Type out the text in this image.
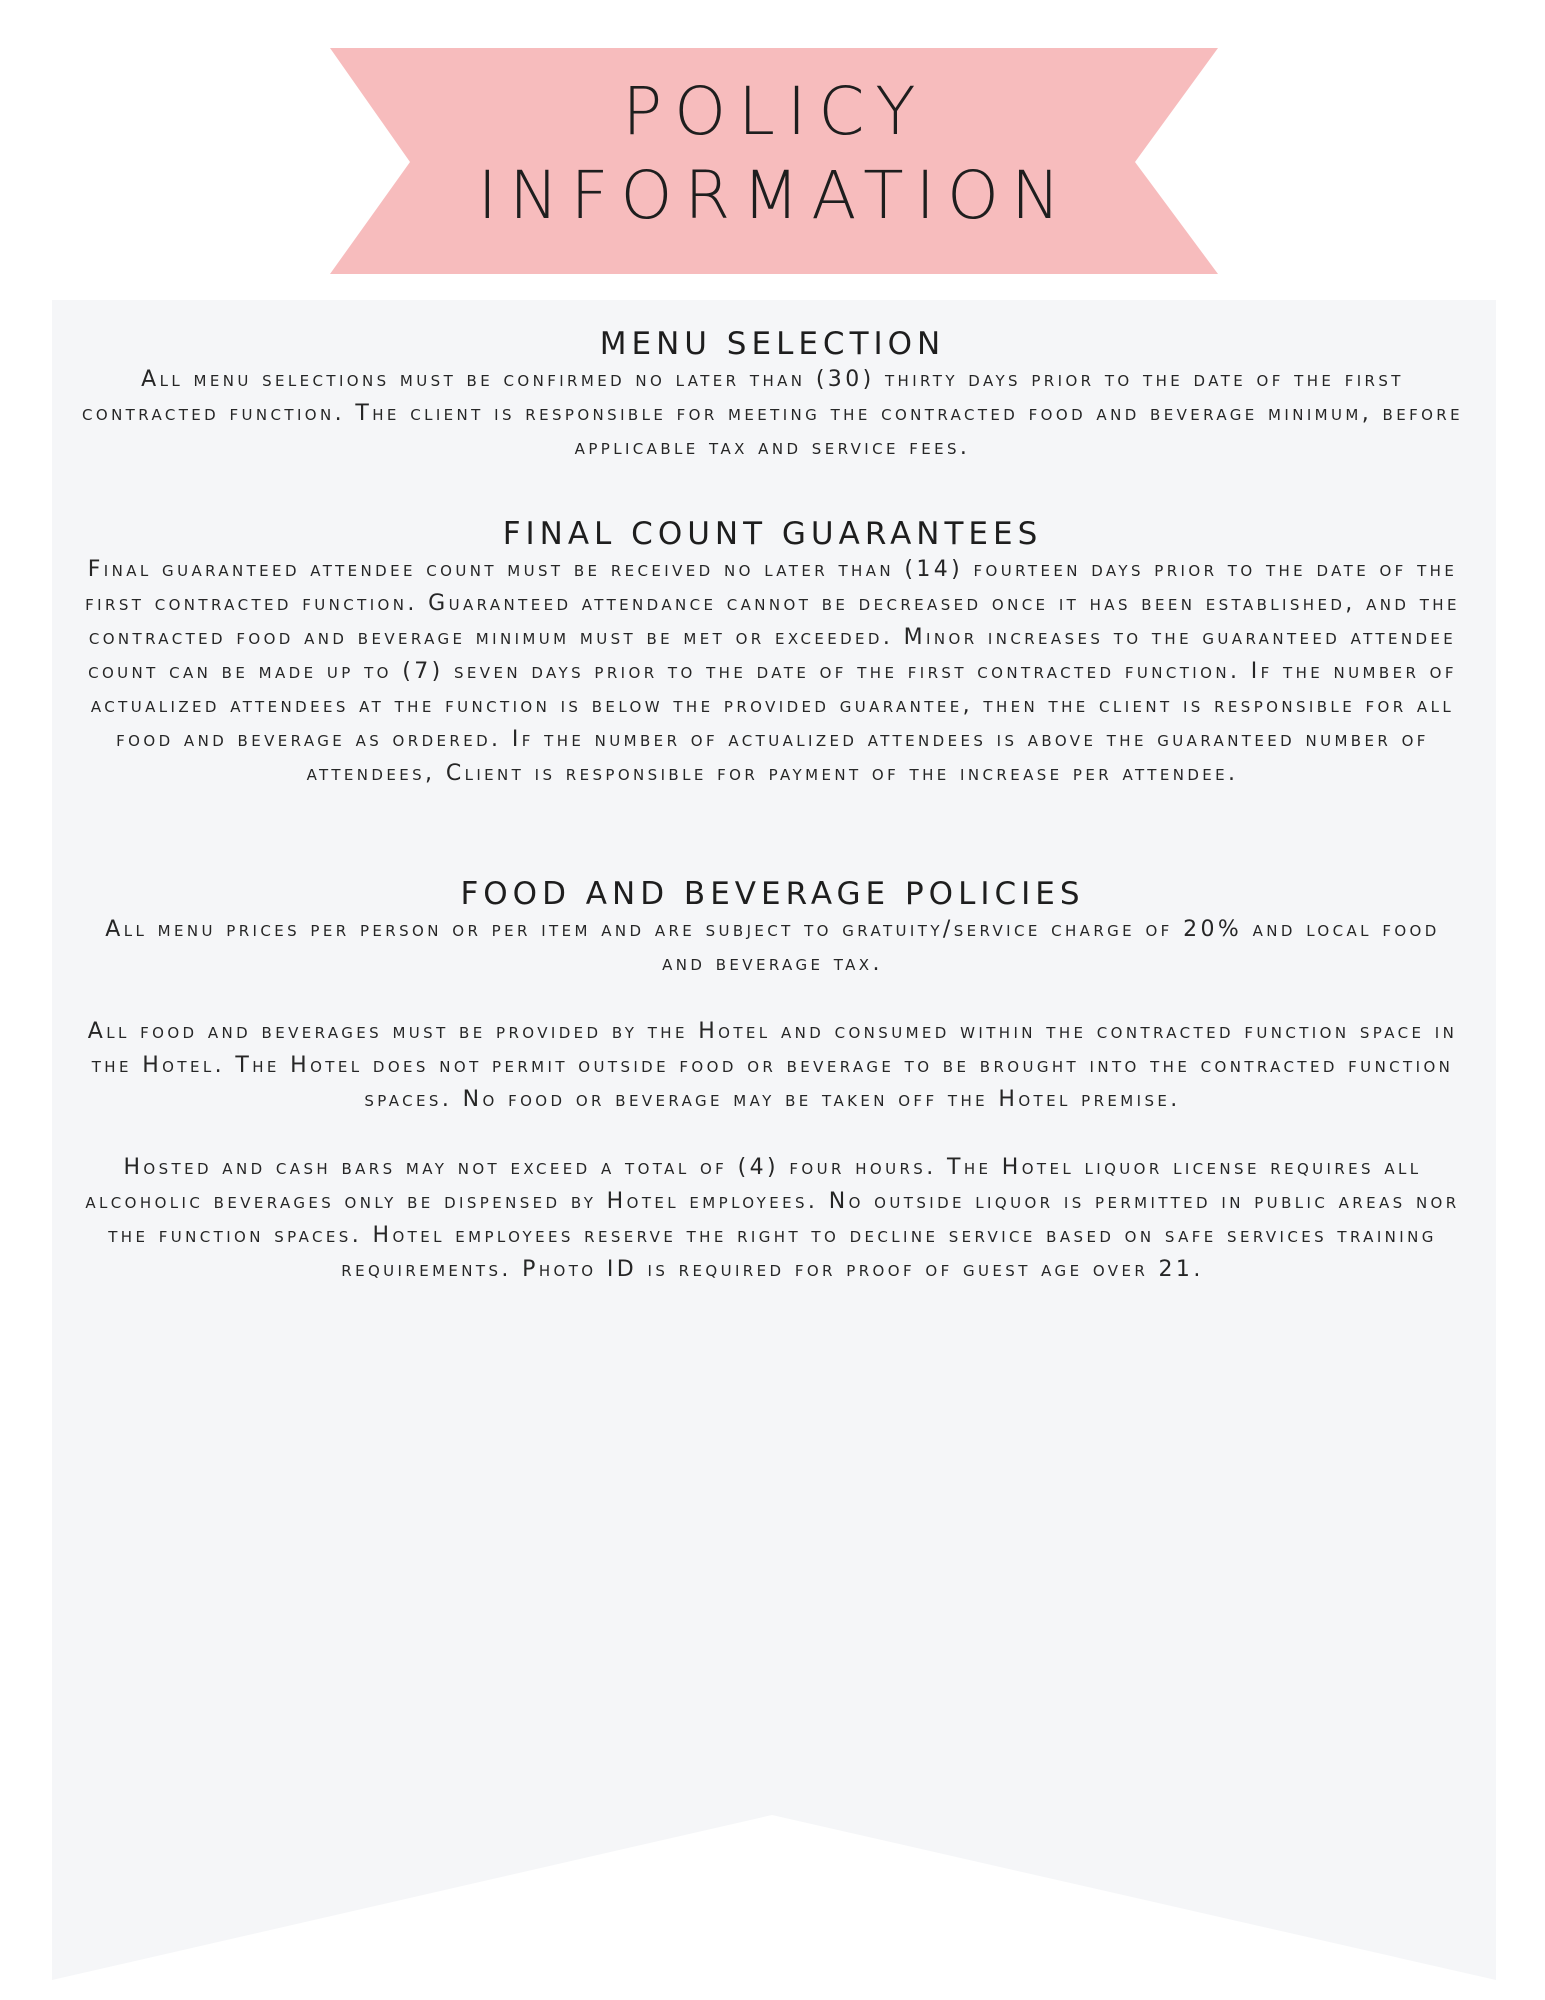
POLICY
INFORMATION
MENU SELECTION

All menu selections must be confirmed no later than (30) thirty days prior to the date of the first contracted function. The client is responsible for meeting the contracted food and beverage minimum, before applicable tax and service fees.

FINAL COUNT GUARANTEES

Final guaranteed attendee count must be received no later than (14) fourteen days prior to the date of the first contracted function. Guaranteed attendance cannot be decreased once it has been established, and the contracted food and beverage minimum must be met or exceeded. Minor increases to the guaranteed attendee count can be made up to (7) seven days prior to the date of the first contracted function. If the number of actualized attendees at the function is below the provided guarantee, then the client is responsible for all food and beverage as ordered. If the number of actualized attendees is above the guaranteed number of attendees, Client is responsible for payment of the increase per attendee.

FOOD AND BEVERAGE POLICIES

All menu prices per person or per item and are subject to gratuity/service charge of 20% and local food and beverage tax.

All food and beverages must be provided by the Hotel and consumed within the contracted function space in the Hotel. The Hotel does not permit outside food or beverage to be brought into the contracted function spaces. No food or beverage may be taken off the Hotel premise.

Hosted and cash bars may not exceed a total of (4) four hours. The Hotel liquor license requires all alcoholic beverages only be dispensed by Hotel employees. No outside liquor is permitted in public areas nor the function spaces. Hotel employees reserve the right to decline service based on safe services training requirements. Photo ID is required for proof of guest age over 21.
